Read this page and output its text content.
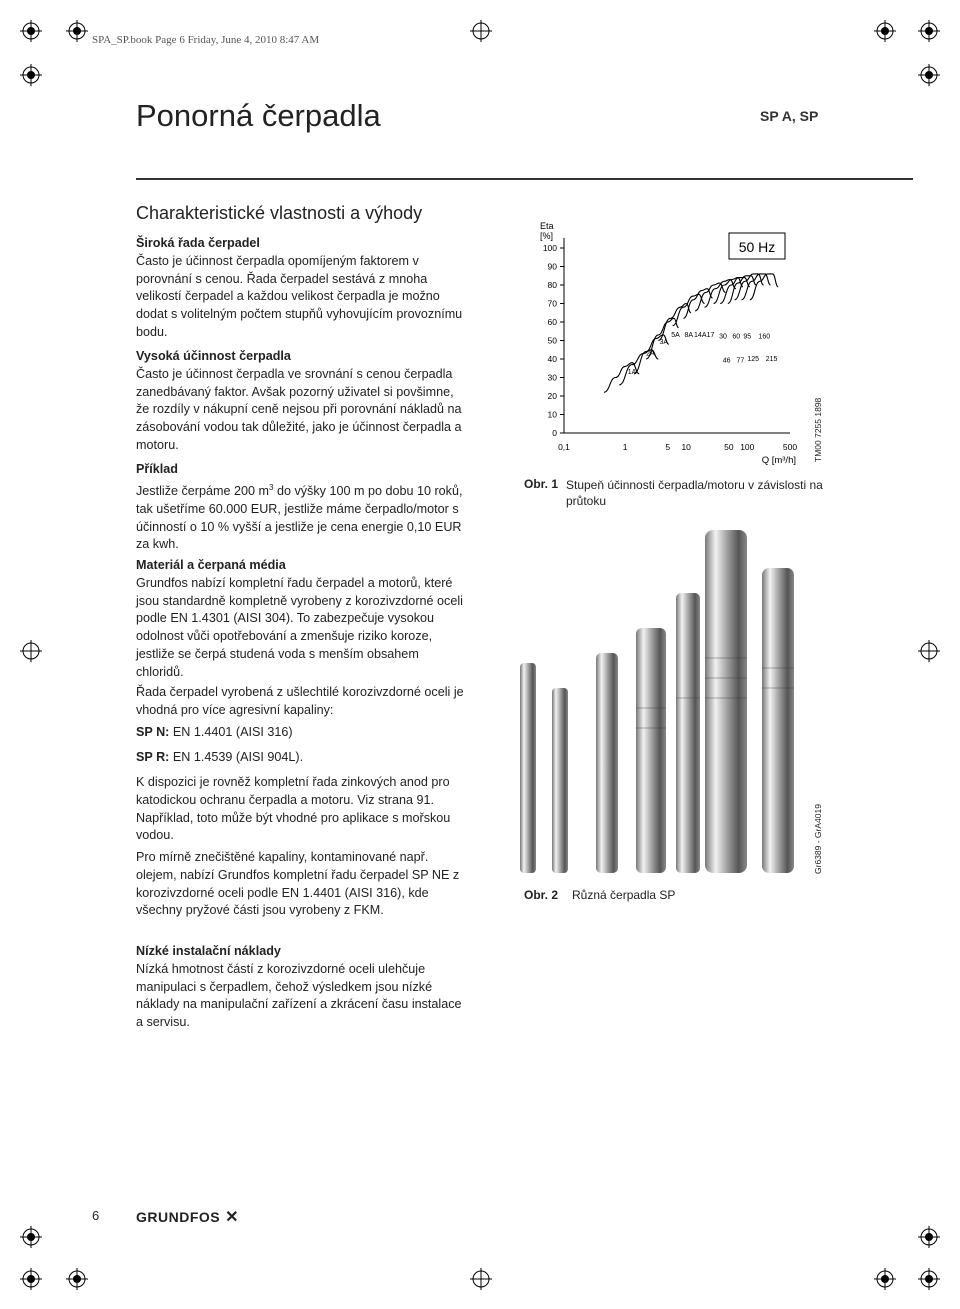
SPA_SP.book Page 6 Friday, June 4, 2010 8:47 AM
Ponorná čerpadla	SP A, SP
Charakteristické vlastnosti a výhody
Široká řada čerpadel
Často je účinnost čerpadla opomíjeným faktorem v porovnání s cenou. Řada čerpadel sestává z mnoha velikostí čerpadel a každou velikost čerpadla je možno dodat s volitelným počtem stupňů vyhovujícím provoznímu bodu.
Vysoká účinnost čerpadla
Často je účinnost čerpadla ve srovnání s cenou čerpadla zanedbávaný faktor. Avšak pozorný uživatel si povšimne, že rozdíly v nákupní ceně nejsou při porovnání nákladů na zásobování vodou tak důležité, jako je účinnost čerpadla a motoru.
Příklad
Jestliže čerpáme 200 $m^3$ do výšky 100 m po dobu 10 roků, tak ušetříme 60.000 EUR, jestliže máme čerpadlo/motor s účinností o 10 % vyšší a jestliže je cena energie 0,10 EUR za kwh.
Materiál a čerpaná média
Grundfos nabízí kompletní řadu čerpadel a motorů, které jsou standardně kompletně vyrobeny z korozivzdorné oceli podle EN 1.4301 (AISI 304). To zabezpečuje vysokou odolnost vůči opotřebování a zmenšuje riziko koroze, jestliže se čerpá studená voda s menším obsahem chloridů.
Řada čerpadel vyrobená z ušlechtilé korozivzdorné oceli je vhodná pro více agresivní kapaliny:
SP N: EN 1.4401 (AISI 316)
SP R: EN 1.4539 (AISI 904L).
K dispozici je rovněž kompletní řada zinkových anod pro katodickou ochranu čerpadla a motoru. Viz strana 91. Například, toto může být vhodné pro aplikace s mořskou vodou.
Pro mírně znečištěné kapaliny, kontaminované např. olejem, nabízí Grundfos kompletní řadu čerpadel SP NE z korozivzdorné oceli podle EN 1.4401 (AISI 316), kde všechny pryžové části jsou vyrobeny z FKM.
Nízké instalační náklady
Nízká hmotnost částí z korozivzdorné oceli ulehčuje manipulaci s čerpadlem, čehož výsledkem jsou nízké náklady na manipulační zařízení a zkrácení času instalace a servisu.
0
10
20
30
40
50
60
70
80
90
100
0,1	1	5 10	50 100	500
Eta
[%]
Q [m³/h]
50 Hz
1A
2A
3A
5A 8A 14A 17 30
46
60
77
95
125
160
215
TM00 7255 1898
Obr. 1 Stupeň účinnosti čerpadla/motoru v závislosti na průtoku
Gr6389 - GrA4019
Obr. 2 Různá čerpadla SP
6	GRUNDFOS ✕
